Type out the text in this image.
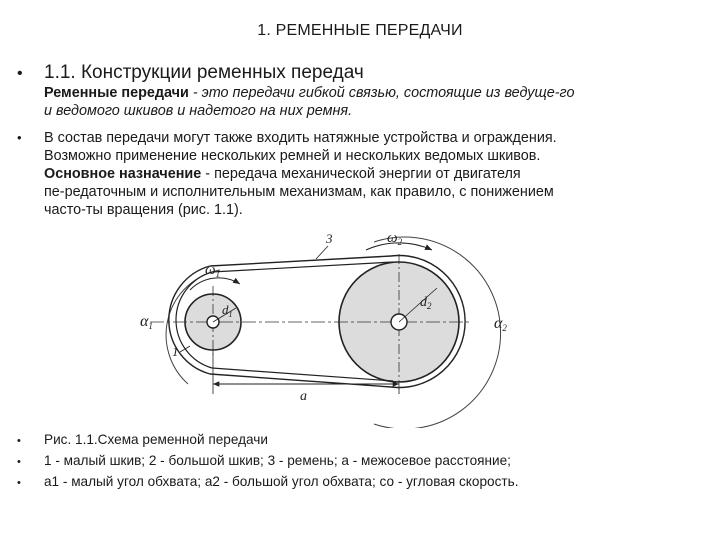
1. РЕМЕННЫЕ ПЕРЕДАЧИ
• 1.1. Конструкции ременных передач
Ременные передачи - это передачи гибкой связью, состоящие из ведуще-го
и ведомого шкивов и надетого на них ремня.
• В состав передачи могут также входить натяжные устройства и ограждения.
Возможно применение нескольких ремней и нескольких ведомых шкивов.
Основное назначение - передача механической энергии от двигателя
пе-редаточным и исполнительным механизмам, как правило, с понижением
часто-ты вращения (рис. 1.1).
$\omega_1$
$\omega_2$
$d_1$
$d_2$
α1	α2
1
3
a
• Рис. 1.1.Схема ременной передачи
• 1 - малый шкив; 2 - большой шкив; 3 - ремень; а - межосевое расстояние;
• а1 - малый угол обхвата; а2 - большой угол обхвата; со - угловая скорость.
